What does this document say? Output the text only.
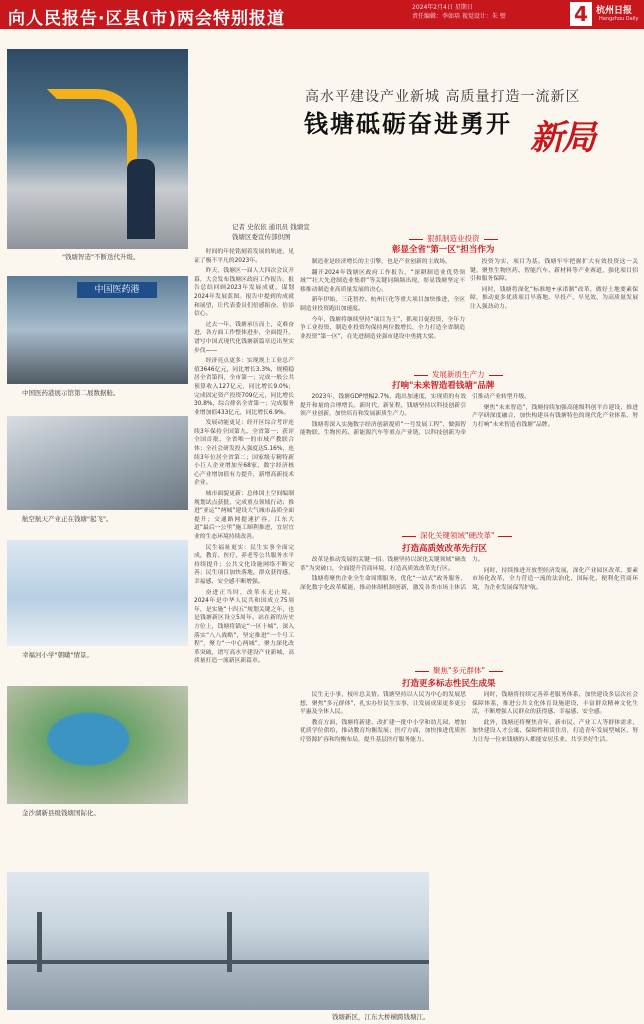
向人民报告·区县(市)两会特别报道
2024年2月4日 星期日
责任编辑：李如培 视觉设计：朱 壁	4 杭州日报
Hangzhou Daily
"钱塘智造"不断迭代升级。
中国医药港
中国医药港展示馆第二展数据舱。
航空航天产业正在钱塘"起飞"。
幸福河小学"朝暾"情景。
金沙湖新县级钱塘国际化。
钱塘新区，江东大桥横跨钱塘江。
高水平建设产业新城 高质量打造一流新区
钱塘砥砺奋进勇开 新局
记者 史依依 通讯员 钱塘宣
钱塘区委宣传部供图

时间的年轮铭刻着发展的轨迹，见证了极不平凡的2023年。

昨天，钱塘区一届人大四次会议开幕，大会发布钱塘区政府工作报告。报告总结回顾2023年发展成就，谋划2024年发展蓝图。报告中提到的成就和展望，让代表委员们倍感振奋、倍添信心。

过去一年，钱塘承压而上，克难奋进，各方面工作整体进步，全面提升，谱写中国式现代化钱塘新篇章迈出坚实步伐——

经济亮点更多：实现规上工业总产值3646亿元，同比增长3.3%，规模稳居全省第四，全市第一；完成一般公共预算收入127亿元，同比增长9.0%；完成固定资产投资709亿元，同比增长30.8%，综合排名全省第一；完成服务业增加值433亿元，同比增长6.9%。

发展动能更足：经开区综合考评连续3年保持全国第九、全省第一；获评全国首批、全省唯一的市域产教联合体；全社会研发投入强度达5.16%，连续3年位居全省第二；国家级专精特新小巨人企业增加至68家，数字经济核心产业增加值有力提升，新增高新技术企业。

城市面貌更新：总体国土空间编制规划试点获批，完成重点领域行动；推进“亚运”“两城”建设大气城市品质全面提升；交通路网提速扩容，江东大道“最后一公里”施工顺利推进，宜居宜业的生态环境持续改善。

民生福祉更实：民生实事全面完成，教育、医疗、养老等公共服务水平持续提升；公共文化设施网络不断完善；民生项目加快落地，群众获得感、幸福感、安全感不断增强。

奋进正当时，改革永无止境。2024年是中华人民共和国成立75周年，是实施“十四五”规划关键之年，也是钱塘新区设立5周年。站在新的历史方位上，钱塘将锚定“一区十城”，深入落实“八八战略”，坚定推进“一个号工程”，聚力“一中心两城”，聚力深化改革突破，谱写高水平建设产业新城、高质量打造一流新区新篇章。

狠抓制造业投资
彰显全省"第一区"担当作为

制造业是经济增长的主引擎，也是产业创新的主战场。

翻开2024年钱塘区政府工作报告，“深耕制造业优势领域”“壮大先进制造业集群”等关键词频频出现，彰显钱塘坚定不移推动制造业高质量发展的决心。

新年伊始，三花智控、杭州巨化等重大项目加快推进，全区制造业投资跑出加速度。

今年，钱塘将继续坚持“项目为王”，抓项目促投资，全年力争工业投资、制造业投资均保持两位数增长，全力打造全省制造业投资“第一区”，在先进制造业强市建设中勇挑大梁。

投资为实，项目为基。钱塘牢牢把握扩大有效投资这一关键，聚焦生物医药、智能汽车、新材料等产业赛道，强化项目招引和服务保障。

同时，钱塘将深化“标准地+承诺制”改革，做好土地要素保障，推动更多优质项目早落地、早投产、早见效，为高质量发展注入强劲动力。

发展新质生产力
打响"未来智造看钱塘"品牌

2023年，钱塘GDP增幅2.7%，跑出加速度，实现质的有效提升和量的合理增长。新时代，新征程，钱塘坚持以科技创新引领产业创新，加快培育和发展新质生产力。

钱塘将深入实施数字经济创新提质“一号发展工程”，做强智能物联、生物医药、新能源汽车等重点产业链，以科技创新为牵引推动产业转型升级。

聚焦“未来智造”，钱塘持续加强高能级科创平台建设，推进产学研深度融合，加快构建具有钱塘特色的现代化产业体系，努力打响“未来智造看钱塘”品牌。

深化关键领域"硬改革"
打造高质效改革先行区

改革是推动发展的关键一招。钱塘坚持以深化关键领域“硬改革”为突破口，全面提升营商环境，打造高质效改革先行区。

钱塘将聚焦企业全生命周期服务，优化“一站式”政务服务，深化数字化改革赋能，推动体制机制创新，激发各类市场主体活力。

同时，持续推进开放型经济发展，深化产业园区改革、要素市场化改革，全力营造一流的法治化、国际化、便利化营商环境，为企业发展保驾护航。

聚焦"多元群体"
打造更多标志性民生成果

民生无小事，枝叶总关情。钱塘坚持以人民为中心的发展思想，聚焦“多元群体”，扎实办好民生实事，让发展成果更多更公平惠及全体人民。

教育方面，钱塘将新建、改扩建一批中小学和幼儿园，增加优质学位供给，推动教育均衡发展；医疗方面，加快推进优质医疗资源扩容和均衡布局，提升基层医疗服务能力。

同时，钱塘将持续完善养老服务体系，加快建设多层次社会保障体系，推进公共文化体育设施建设，丰富群众精神文化生活，不断增强人民群众的获得感、幸福感、安全感。

此外，钱塘还将聚焦青年、新市民、产业工人等群体需求，加快建设人才公寓、保障性租赁住房，打造青年发展型城区，努力让每一位来钱塘的人都能安居乐业、共享美好生活。
